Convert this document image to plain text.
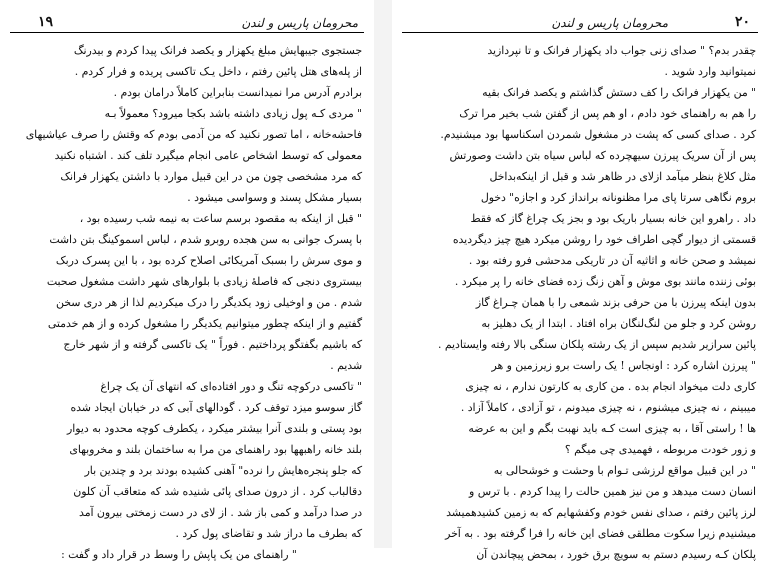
۱۹	محرومان پاریس و لندن
جستجوی جیبهایش مبلغ یکهزار و یکصد فرانک پیدا کردم و بیدرنگ
از پلەهای هتل پائین رفتم ، داخل یـک تاکسی پریده و فرار کردم .
برادرم آدرس مرا نمیدانست بنابراین کاملاً درامان بودم .
" مردی کـه پول زیادی داشته باشد بکجا میرود؟ معمولاً بـه
فاحشەخانه ، اما تصور نکنید که من آدمی بودم که وقتش را صرف عیاشیهای
معمولی که توسط اشخاص عامی انجام میگیرد تلف کند . اشتباه نکنید
که مرد مشخصی چون من در این قبیل موارد با داشتن یکهزار فرانک
بسیار مشکل پسند و وسواسی میشود .
" قبل از اینکه به مقصود برسم ساعت به نیمه شب رسیده بود ،
با پسرک جوانی به سن هجده روبرو شدم ، لباس اسموکینگ بتن داشت
و موی سرش را بسبک آمریکائی اصلاح کرده بود ، با این پسرک دربک
بیستروی دنجی که فاصلهٔ زیادی با بلوارهای شهر داشت مشغول صحبت
شدم . من و اوخیلی زود یکدیگر را درک میکردیم لذا از هر دری سخن
گفتیم و از اینکه چطور میتوانیم یکدیگر را مشغول کرده و از هم خدمتی
که باشیم بگفتگو پرداختیم . فوراً " یک تاکسی گرفته و از شهر خارج
شدیم .
" تاکسی درکوچه تنگ و دور افتادەای که انتهای آن یک چراغ
گاز سوسو میزد توقف کرد . گودالهای آبی که در خیابان ایجاد شده
بود پستی و بلندی آنرا بیشتر میکرد ، یکطرف کوچه محدود به دیوار
بلند خانه راهبهها بود راهنمای من مرا به ساختمان بلند و مخروبهای
که جلو پنجرەهایش را نرده" آهنی کشیده بودند برد و چندین بار
دقالباب کرد . از درون صدای پائی شنیده شد که متعاقب آن کلون
در صدا درآمد و کمی باز شد . از لای در دست زمختی بیرون آمد
که بطرف ما دراز شد و تقاضای پول کرد .
" راهنمای من یک پاپش را وسط در قرار داد و گفت :
۲۰
محرومان پاریس و لندن
چقدر بدم؟ " صدای زنی جواب داد یکهزار فرانک و تا نپردازید
نمیتوانید وارد شوید .
" من یکهزار فرانک را کف دستش گذاشتم و یکصد فرانک بقیه
را هم به راهنمای خود دادم ، او هم پس از گفتن شب بخیر مرا ترک
کرد . صدای کسی که پشت در مشغول شمردن اسکناسها بود میشنیدم.
پس از آن سریک پیرزن سیهچرده که لباس سیاه بتن داشت وصورتش
مثل کلاغ بنظر میآمد ازلای در ظاهر شد و قبل از اینکەبداخل
بروم نگاهی سرتا پای مرا مظنونانه برانداز کرد و اجازه" دخول
داد . راهرو این خانه بسیار باریک بود و بجز یک چراغ گاز که فقط
قسمتی از دیوار گچی اطراف خود را روشن میکرد هیچ چیز دیگردیده
نمیشد و صحن خانه و اثاثیه آن در تاریکی مدحشی فرو رفته بود .
بوئی زننده مانند بوی موش و آهن زنگ زده فضای خانه را پر میکرد .
بدون اینکه پیرزن با من حرفی بزند شمعی را با همان چـراغ گاز
روشن کرد و جلو من لنگ‌لنگان براه افتاد . ابتدا از یک دهلیز به
پائین سرازیر شدیم سپس از یک رشته پلکان سنگی بالا رفته وایستادیم .
" پیرزن اشاره کرد : اونجاس ! یک راست برو زیرزمین و هر
کاری دلت میخواد انجام بده . من کاری به کارتون ندارم ، نه چیزی
میبینم ، نه چیزی میشنوم ، نه چیزی میدونم ، تو آزادی ، کاملاً آزاد .
ها ! راستی آقا ، به چیزی است کـه باید نهبت بگم و این به عرضه
و زور خودت مربوطه ، فهمیدی چی میگم ؟
" در این قبیل مواقع لرزشی تـوام با وحشت و خوشحالی به
انسان دست میدهد و من نیز همین حالت را پیدا کردم . با ترس و
لرز پائین رفتم ، صدای نفس خودم وکفشهایم که به زمین کشیدهمیشد
میشنیدم زیرا سکوت مطلقی فضای این خانه را فرا گرفته بود . به آخر
پلکان کـه رسیدم دستم به سویچ برق خورد ، بمحض پیچاندن آن
